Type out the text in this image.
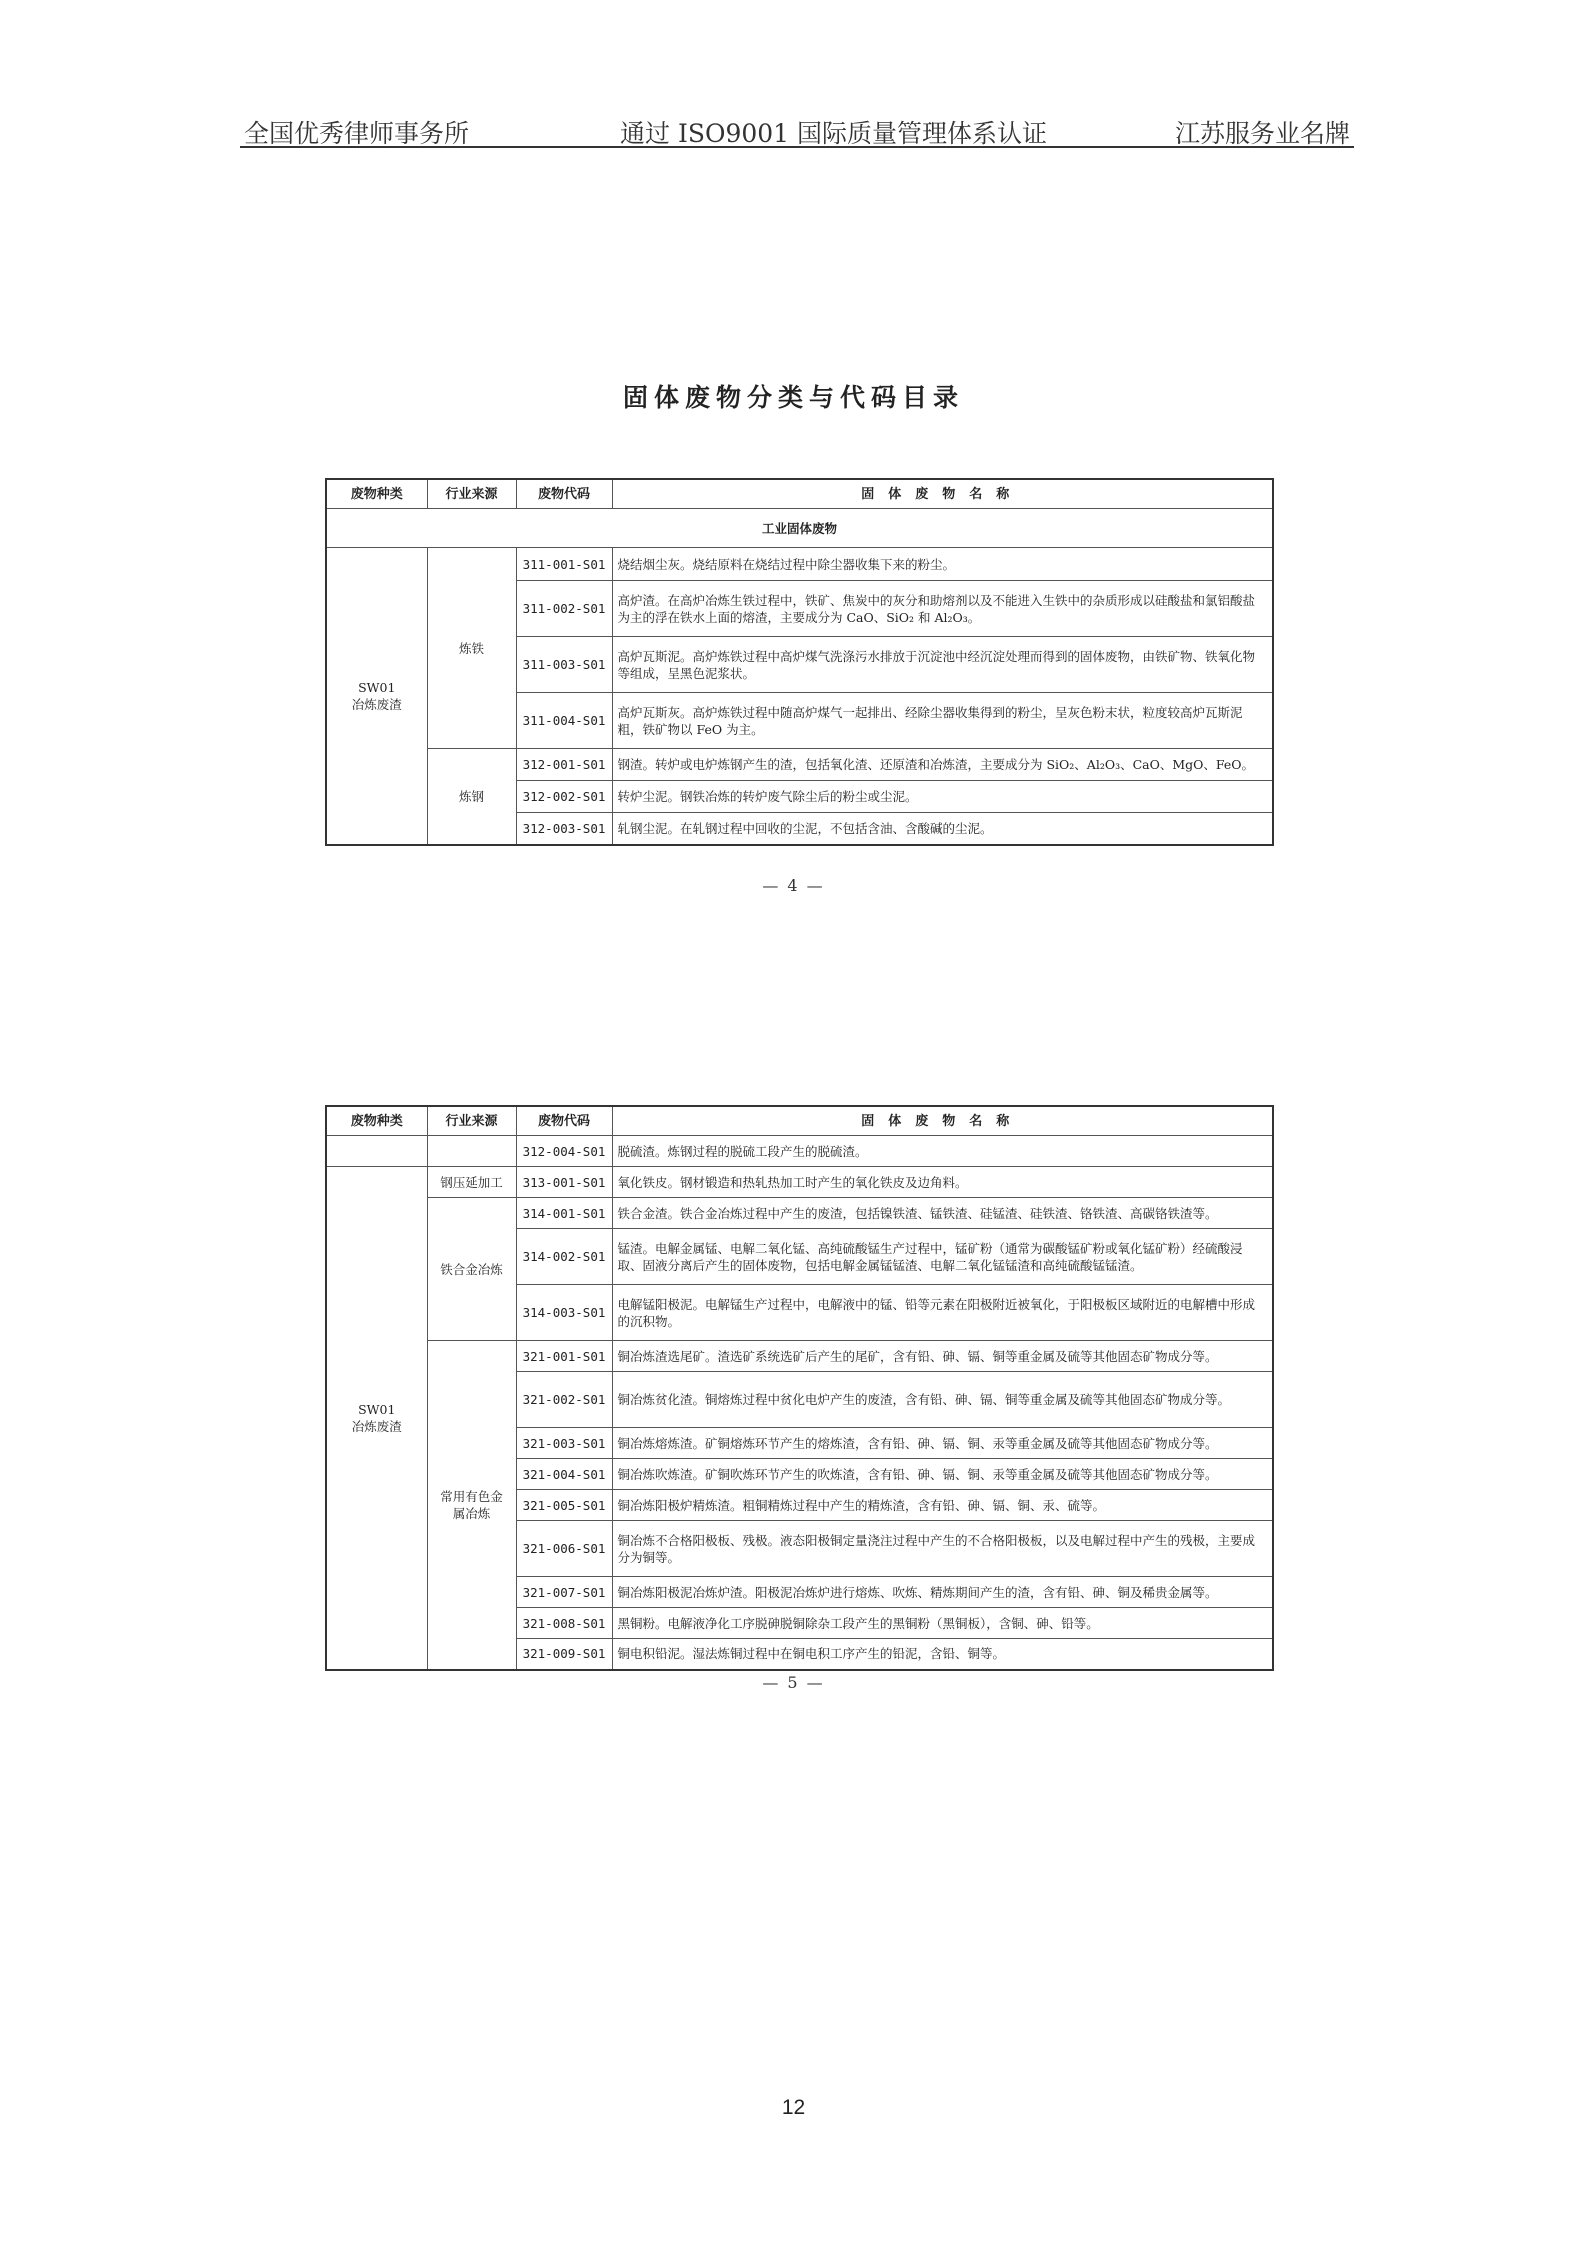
全国优秀律师事务所	通过 ISO9001 国际质量管理体系认证	江苏服务业名牌
固体废物分类与代码目录
废物种类	行业来源	废物代码	固体废物名称
工业固体废物			
SW01
冶炼废渣	炼铁	311-001-S01	烧结烟尘灰。烧结原料在烧结过程中除尘器收集下来的粉尘。
		311-002-S01	高炉渣。在高炉冶炼生铁过程中，铁矿、焦炭中的灰分和助熔剂以及不能进入生铁中的杂质形成以硅酸盐和氯铝酸盐为主的浮在铁水上面的熔渣，主要成分为 CaO、SiO₂ 和 Al₂O₃。
		311-003-S01	高炉瓦斯泥。高炉炼铁过程中高炉煤气洗涤污水排放于沉淀池中经沉淀处理而得到的固体废物，由铁矿物、铁氧化物等组成，呈黑色泥浆状。
		311-004-S01	高炉瓦斯灰。高炉炼铁过程中随高炉煤气一起排出、经除尘器收集得到的粉尘，呈灰色粉末状，粒度较高炉瓦斯泥粗，铁矿物以 FeO 为主。
	炼钢	312-001-S01	钢渣。转炉或电炉炼钢产生的渣，包括氧化渣、还原渣和冶炼渣，主要成分为 SiO₂、Al₂O₃、CaO、MgO、FeO。
		312-002-S01	转炉尘泥。钢铁冶炼的转炉废气除尘后的粉尘或尘泥。
		312-003-S01	轧钢尘泥。在轧钢过程中回收的尘泥，不包括含油、含酸碱的尘泥。
— 4 —
废物种类	行业来源	废物代码	固体废物名称
		312-004-S01	脱硫渣。炼钢过程的脱硫工段产生的脱硫渣。
SW01
冶炼废渣	钢压延加工	313-001-S01	氧化铁皮。钢材锻造和热轧热加工时产生的氧化铁皮及边角料。
	铁合金冶炼	314-001-S01	铁合金渣。铁合金冶炼过程中产生的废渣，包括镍铁渣、锰铁渣、硅锰渣、硅铁渣、铬铁渣、高碳铬铁渣等。
		314-002-S01	锰渣。电解金属锰、电解二氧化锰、高纯硫酸锰生产过程中，锰矿粉（通常为碳酸锰矿粉或氧化锰矿粉）经硫酸浸取、固液分离后产生的固体废物，包括电解金属锰锰渣、电解二氧化锰锰渣和高纯硫酸锰锰渣。
		314-003-S01	电解锰阳极泥。电解锰生产过程中，电解液中的锰、铅等元素在阳极附近被氧化，于阳极板区域附近的电解槽中形成的沉积物。
	常用有色金属冶炼	321-001-S01	铜冶炼渣选尾矿。渣选矿系统选矿后产生的尾矿，含有铅、砷、镉、铜等重金属及硫等其他固态矿物成分等。
		321-002-S01	铜冶炼贫化渣。铜熔炼过程中贫化电炉产生的废渣，含有铅、砷、镉、铜等重金属及硫等其他固态矿物成分等。
		321-003-S01	铜冶炼熔炼渣。矿铜熔炼环节产生的熔炼渣，含有铅、砷、镉、铜、汞等重金属及硫等其他固态矿物成分等。
		321-004-S01	铜冶炼吹炼渣。矿铜吹炼环节产生的吹炼渣，含有铅、砷、镉、铜、汞等重金属及硫等其他固态矿物成分等。
		321-005-S01	铜冶炼阳极炉精炼渣。粗铜精炼过程中产生的精炼渣，含有铅、砷、镉、铜、汞、硫等。
		321-006-S01	铜冶炼不合格阳极板、残极。液态阳极铜定量浇注过程中产生的不合格阳极板，以及电解过程中产生的残极，主要成分为铜等。
		321-007-S01	铜冶炼阳极泥冶炼炉渣。阳极泥冶炼炉进行熔炼、吹炼、精炼期间产生的渣，含有铅、砷、铜及稀贵金属等。
		321-008-S01	黑铜粉。电解液净化工序脱砷脱铜除杂工段产生的黑铜粉（黑铜板），含铜、砷、铅等。
		321-009-S01	铜电积铅泥。湿法炼铜过程中在铜电积工序产生的铅泥，含铅、铜等。
— 5 —
12
